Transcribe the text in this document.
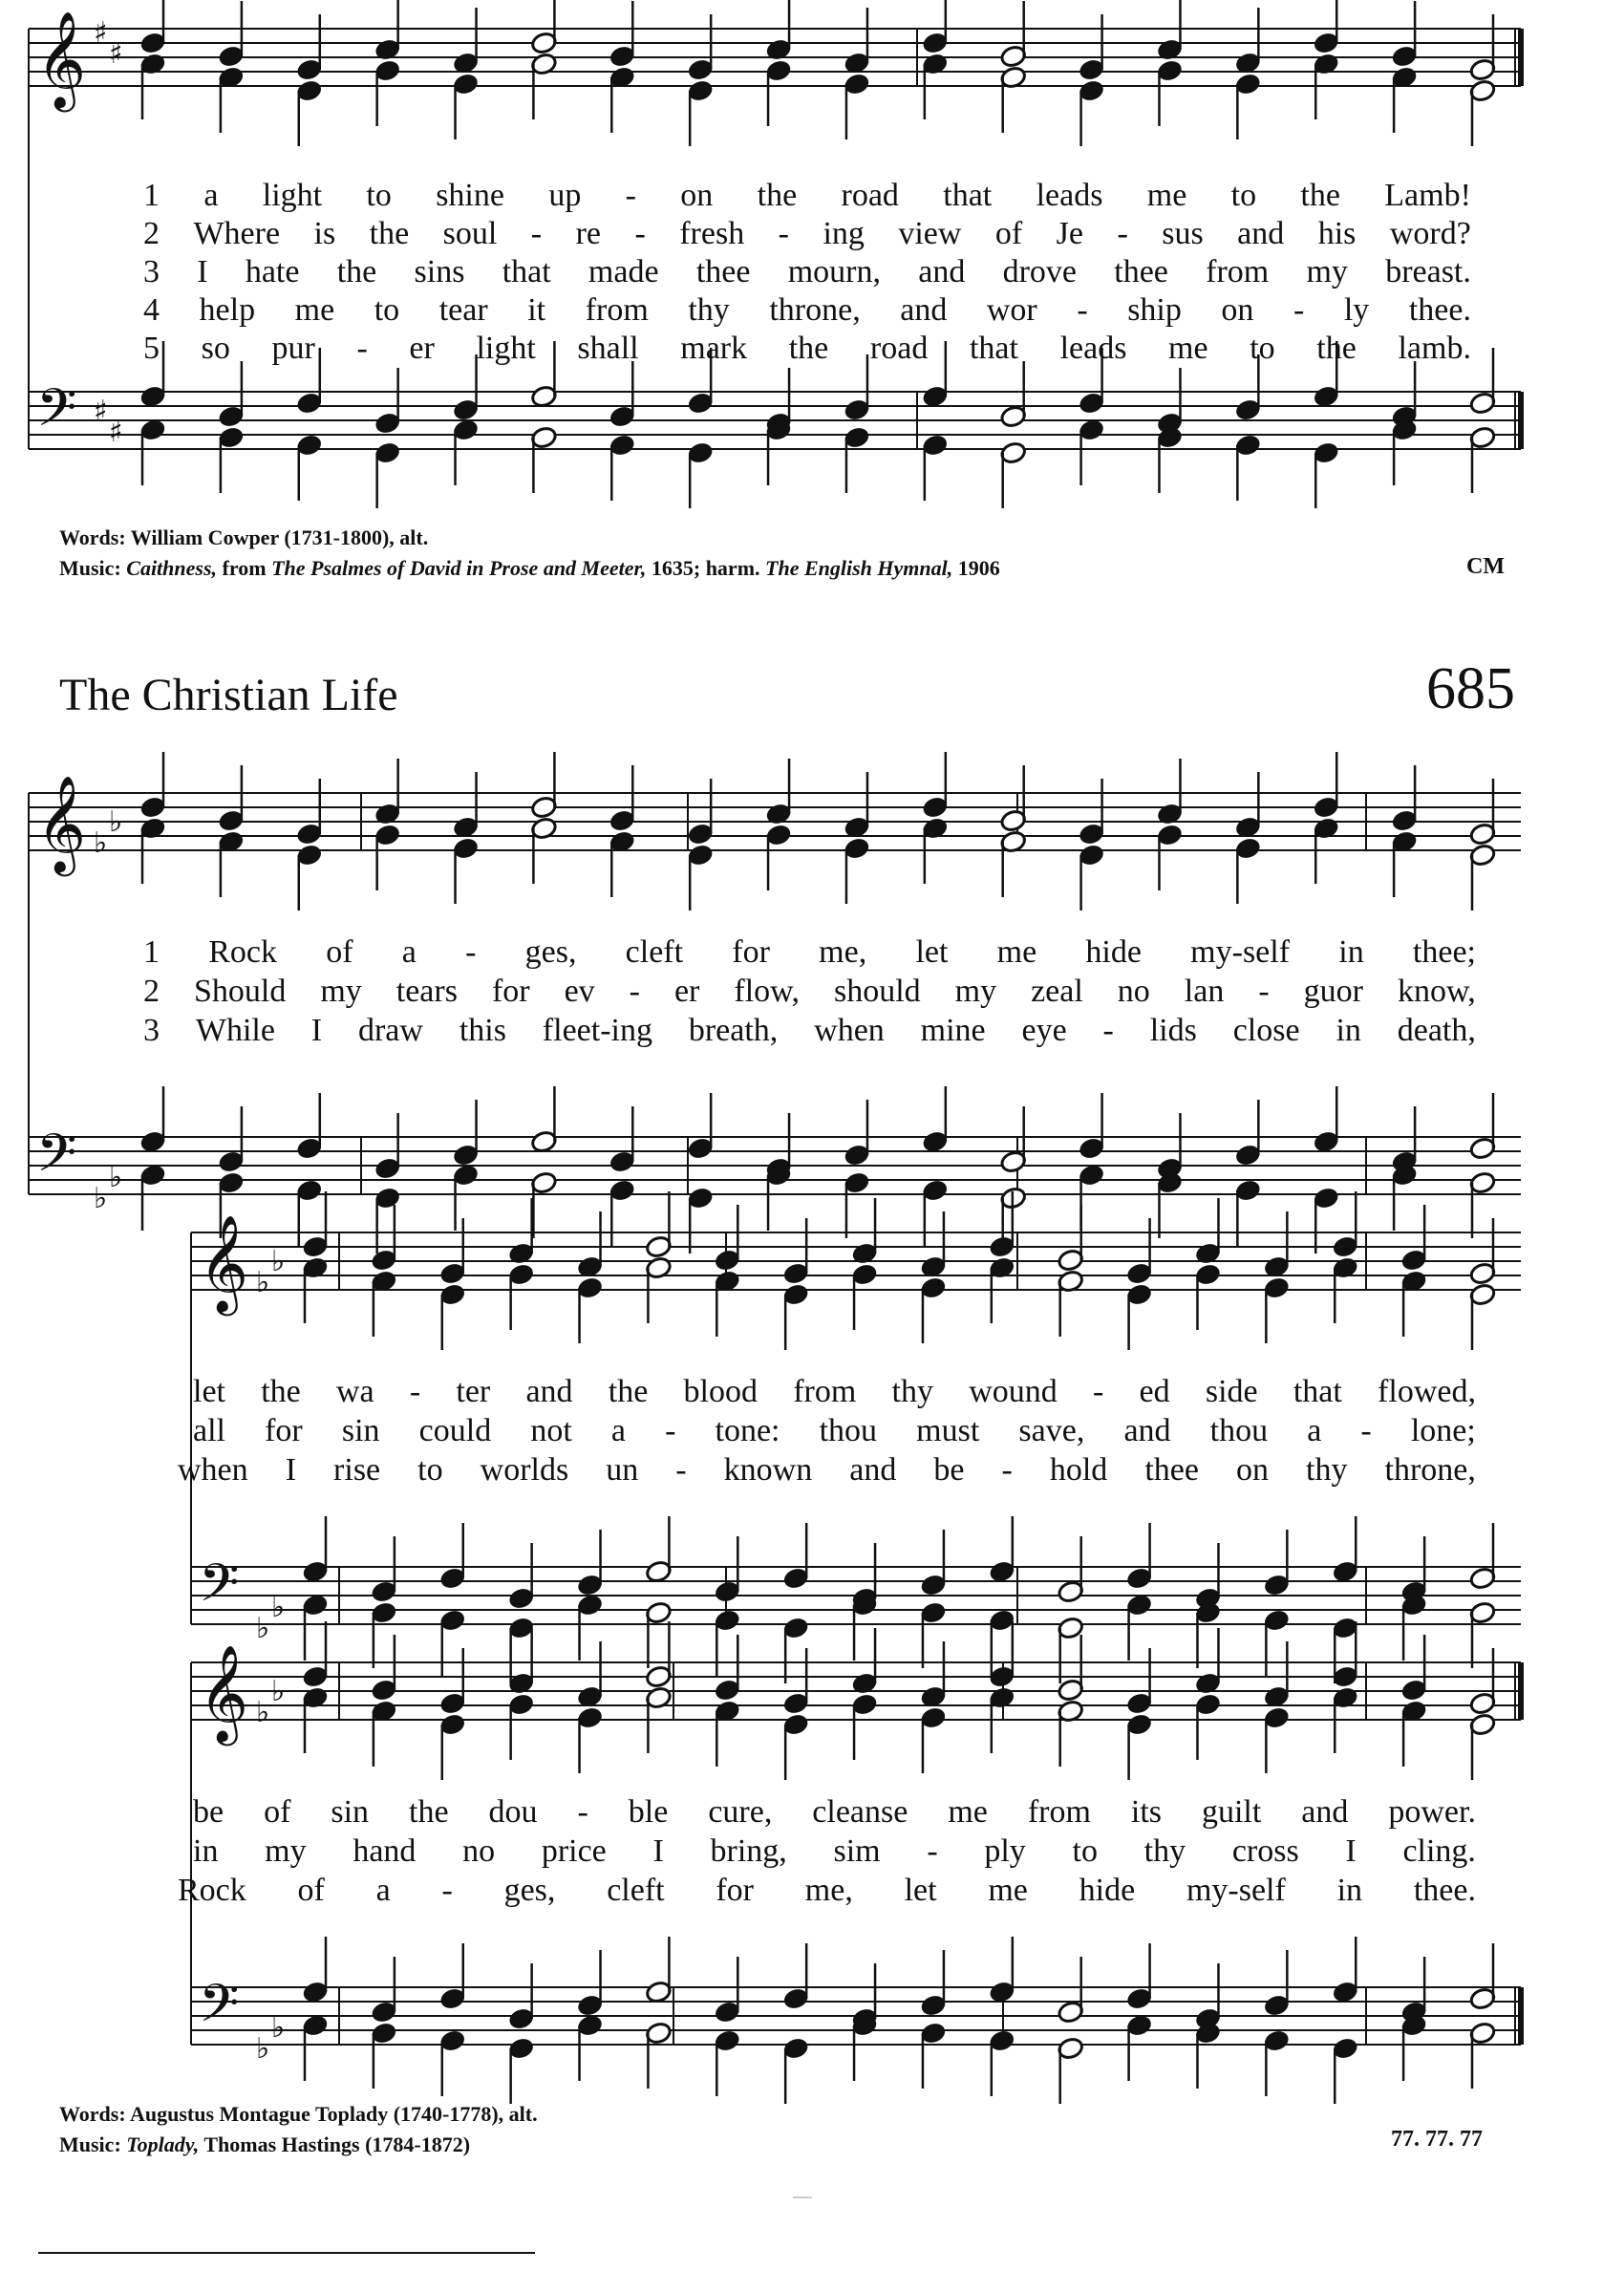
𝄞
𝄢
♯
♯
♯
♯
𝄞
𝄢
♭
♭
♭
♭
𝄞
𝄢
♭
♭
♭
♭
𝄞
𝄢
♭
♭
♭
♭
1 a light to shine up - on the road that leads me to the Lamb!
2 Where is the soul - re - fresh - ing view of Je - sus and his word?
3 I hate the sins that made thee mourn, and drove thee from my breast.
4 help me to tear it from thy throne, and wor - ship on - ly thee.
5 so pur - er light shall mark the road that leads me to the lamb.
Words: William Cowper (1731-1800), alt.
Music: Caithness, from The Psalmes of David in Prose and Meeter, 1635; harm. The English Hymnal, 1906	CM
The Christian Life	685
1 Rock of a - ges, cleft for me, let me hide my-self in thee;
2 Should my tears for ev - er flow, should my zeal no lan - guor know,
3 While I draw this fleet-ing breath, when mine eye - lids close in death,
let the wa - ter and the blood from thy wound - ed side that flowed,
all for sin could not a - tone: thou must save, and thou a - lone;
when I rise to worlds un - known and be - hold thee on thy throne,
be of sin the dou - ble cure, cleanse me from its guilt and power.
in my hand no price I bring, sim - ply to thy cross I cling.
Rock of a - ges, cleft for me, let me hide my-self in thee.
Words: Augustus Montague Toplady (1740-1778), alt.
Music: Toplady, Thomas Hastings (1784-1872)	77. 77. 77
